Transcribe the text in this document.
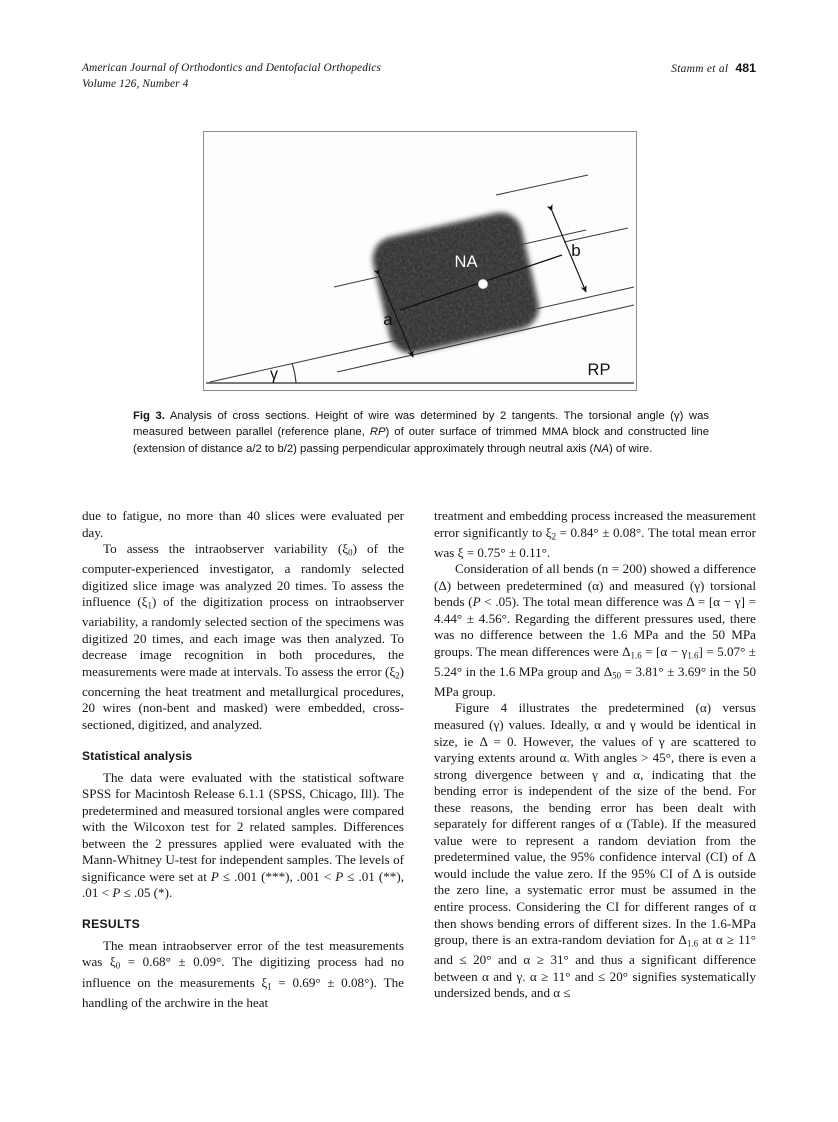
American Journal of Orthodontics and Dentofacial Orthopedics
Volume 126, Number 4
Stamm et al 481
γ
NA
a
b
RP
Fig 3. Analysis of cross sections. Height of wire was determined by 2 tangents. The torsional angle (γ) was measured between parallel (reference plane, RP) of outer surface of trimmed MMA block and constructed line (extension of distance a/2 to b/2) passing perpendicular approximately through neutral axis (NA) of wire.

due to fatigue, no more than 40 slices were evaluated per day.

To assess the intraobserver variability $(\xi_0)$ of the computer-experienced investigator, a randomly selected digitized slice image was analyzed 20 times. To assess the influence $(\xi_1)$ of the digitization process on intraobserver variability, a randomly selected section of the specimens was digitized 20 times, and each image was then analyzed. To decrease image recognition in both procedures, the measurements were made at intervals. To assess the error $(\xi_2)$ concerning the heat treatment and metallurgical procedures, 20 wires (non-bent and masked) were embedded, cross-sectioned, digitized, and analyzed.

Statistical analysis

The data were evaluated with the statistical software SPSS for Macintosh Release 6.1.1 (SPSS, Chicago, Ill). The predetermined and measured torsional angles were compared with the Wilcoxon test for 2 related samples. Differences between the 2 pressures applied were evaluated with the Mann-Whitney U-test for independent samples. The levels of significance were set at P ≤ .001 (***), .001 < P ≤ .01 (**), .01 < P ≤ .05 (*).

RESULTS

The mean intraobserver error of the test measurements was $\xi_0 = 0.68^\circ \pm 0.09^\circ$. The digitizing process had no influence on the measurements $\xi_1 = 0.69^\circ \pm 0.08^\circ$). The handling of the archwire in the heat

treatment and embedding process increased the measurement error significantly to $\xi_2 = 0.84^\circ \pm 0.08^\circ$. The total mean error was ξ = 0.75° ± 0.11°.

Consideration of all bends (n = 200) showed a difference (Δ) between predetermined (α) and measured (γ) torsional bends (P < .05). The total mean difference was Δ = [α − γ] = 4.44° ± 4.56°. Regarding the different pressures used, there was no difference between the 1.6 MPa and the 50 MPa groups. The mean differences were $\Delta_{1.6} = [\alpha - \gamma_{1.6}] = 5.07^\circ \pm 5.24^\circ$ in the 1.6 MPa group and $\Delta_{50} = 3.81^\circ \pm 3.69^\circ$ in the 50 MPa group.

Figure 4 illustrates the predetermined (α) versus measured (γ) values. Ideally, α and γ would be identical in size, ie Δ = 0. However, the values of γ are scattered to varying extents around α. With angles > 45°, there is even a strong divergence between γ and α, indicating that the bending error is independent of the size of the bend. For these reasons, the bending error has been dealt with separately for different ranges of α (Table). If the measured value were to represent a random deviation from the predetermined value, the 95% confidence interval (CI) of Δ would include the value zero. If the 95% CI of Δ is outside the zero line, a systematic error must be assumed in the entire process. Considering the CI for different ranges of α then shows bending errors of different sizes. In the 1.6-MPa group, there is an extra-random deviation for $\Delta_{1.6}$ at α ≥ 11° and ≤ 20° and α ≥ 31° and thus a significant difference between α and γ. α ≥ 11° and ≤ 20° signifies systematically undersized bends, and α ≤
